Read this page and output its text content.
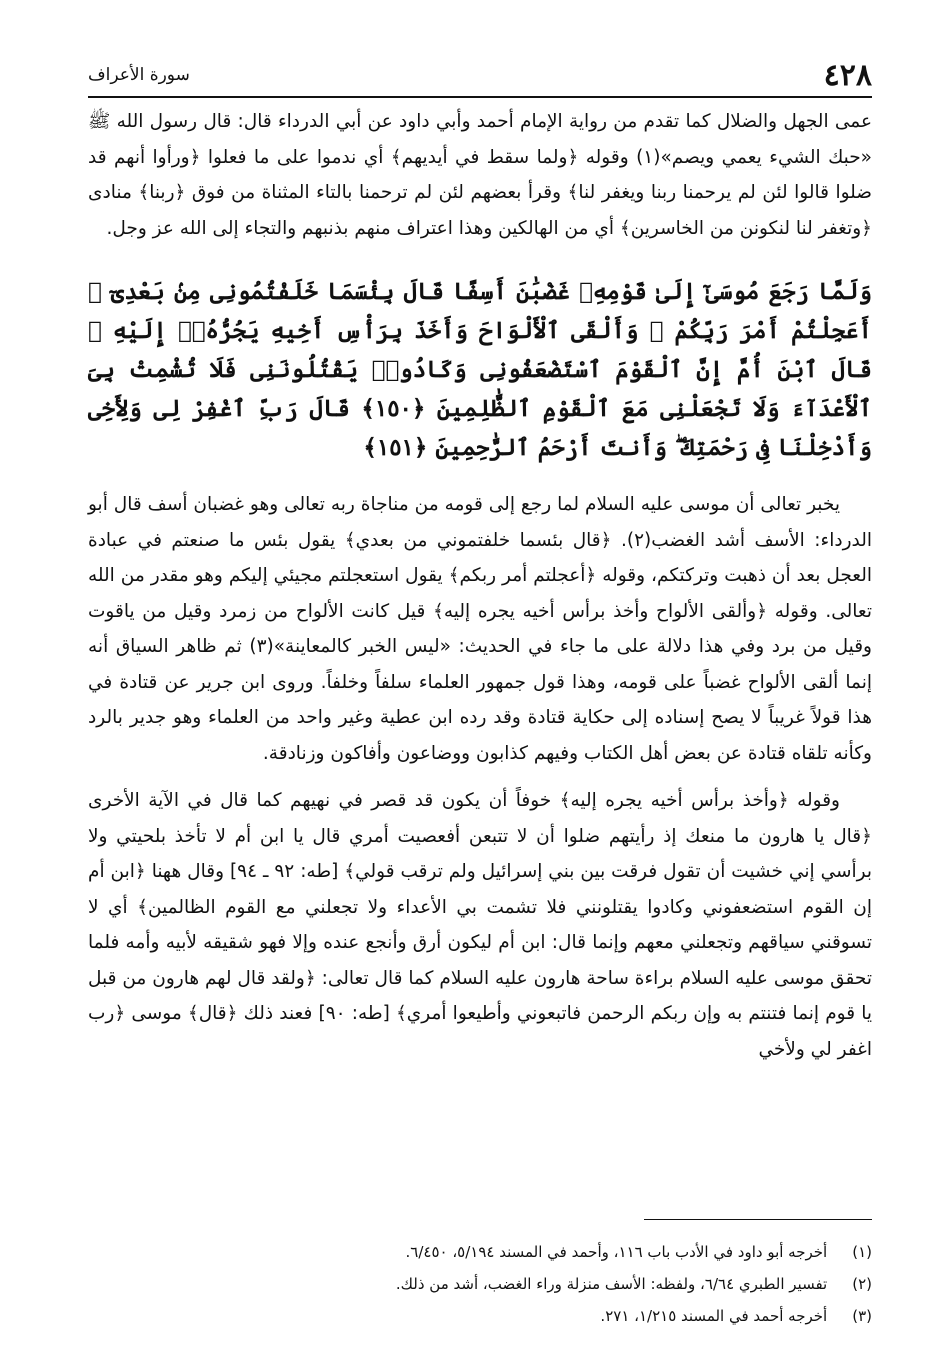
٤٢٨
سورة الأعراف

عمى الجهل والضلال كما تقدم من رواية الإمام أحمد وأبي داود عن أبي الدرداء قال: قال رسول الله ﷺ «حبك الشيء يعمي ويصم»(١) وقوله ﴿ولما سقط في أيديهم﴾ أي ندموا على ما فعلوا ﴿ورأوا أنهم قد ضلوا قالوا لئن لم يرحمنا ربنا ويغفر لنا﴾ وقرأ بعضهم لئن لم ترحمنا بالتاء المثناة من فوق ﴿ربنا﴾ منادى ﴿وتغفر لنا لنكونن من الخاسرين﴾ أي من الهالكين وهذا اعتراف منهم بذنبهم والتجاء إلى الله عز وجل.

وَلَمَّا رَجَعَ مُوسَىٰٓ إِلَىٰ قَوْمِهِۦ غَضْبَٰنَ أَسِفًا قَالَ بِئْسَمَا خَلَفْتُمُونِى مِنۢ بَعْدِىٓ ۖ أَعَجِلْتُمْ أَمْرَ رَبِّكُمْ ۖ وَأَلْقَى ٱلْأَلْوَاحَ وَأَخَذَ بِرَأْسِ أَخِيهِ يَجُرُّهُۥٓ إِلَيْهِ ۚ قَالَ ٱبْنَ أُمَّ إِنَّ ٱلْقَوْمَ ٱسْتَضْعَفُونِى وَكَادُوا۟ يَقْتُلُونَنِى فَلَا تُشْمِتْ بِىَ ٱلْأَعْدَآءَ وَلَا تَجْعَلْنِى مَعَ ٱلْقَوْمِ ٱلظَّٰلِمِينَ ﴿١٥٠﴾ قَالَ رَبِّ ٱغْفِرْ لِى وَلِأَخِى وَأَدْخِلْنَا فِى رَحْمَتِكَ ۖ وَأَنتَ أَرْحَمُ ٱلرَّٰحِمِينَ ﴿١٥١﴾

يخبر تعالى أن موسى عليه السلام لما رجع إلى قومه من مناجاة ربه تعالى وهو غضبان أسف قال أبو الدرداء: الأسف أشد الغضب(٢). ﴿قال بئسما خلفتموني من بعدي﴾ يقول بئس ما صنعتم في عبادة العجل بعد أن ذهبت وتركتكم، وقوله ﴿أعجلتم أمر ربكم﴾ يقول استعجلتم مجيئي إليكم وهو مقدر من الله تعالى. وقوله ﴿وألقى الألواح وأخذ برأس أخيه يجره إليه﴾ قيل كانت الألواح من زمرد وقيل من ياقوت وقيل من برد وفي هذا دلالة على ما جاء في الحديث: «ليس الخبر كالمعاينة»(٣) ثم ظاهر السياق أنه إنما ألقى الألواح غضباً على قومه، وهذا قول جمهور العلماء سلفاً وخلفاً. وروى ابن جرير عن قتادة في هذا قولاً غريباً لا يصح إسناده إلى حكاية قتادة وقد رده ابن عطية وغير واحد من العلماء وهو جدير بالرد وكأنه تلقاه قتادة عن بعض أهل الكتاب وفيهم كذابون ووضاعون وأفاكون وزنادقة.

وقوله ﴿وأخذ برأس أخيه يجره إليه﴾ خوفاً أن يكون قد قصر في نهيهم كما قال في الآية الأخرى ﴿قال يا هارون ما منعك إذ رأيتهم ضلوا أن لا تتبعن أفعصيت أمري قال يا ابن أم لا تأخذ بلحيتي ولا برأسي إني خشيت أن تقول فرقت بين بني إسرائيل ولم ترقب قولي﴾ [طه: ٩٢ ـ ٩٤] وقال ههنا ﴿ابن أم إن القوم استضعفوني وكادوا يقتلونني فلا تشمت بي الأعداء ولا تجعلني مع القوم الظالمين﴾ أي لا تسوقني سياقهم وتجعلني معهم وإنما قال: ابن أم ليكون أرق وأنجع عنده وإلا فهو شقيقه لأبيه وأمه فلما تحقق موسى عليه السلام براءة ساحة هارون عليه السلام كما قال تعالى: ﴿ولقد قال لهم هارون من قبل يا قوم إنما فتنتم به وإن ربكم الرحمن فاتبعوني وأطيعوا أمري﴾ [طه: ٩٠] فعند ذلك ﴿قال﴾ موسى ﴿رب اغفر لي ولأخي

(١) أخرجه أبو داود في الأدب باب ١١٦، وأحمد في المسند ٥/١٩٤، ٦/٤٥٠.
(٢) تفسير الطبري ٦/٦٤، ولفظه: الأسف منزلة وراء الغضب، أشد من ذلك.
(٣) أخرجه أحمد في المسند ١/٢١٥، ٢٧١.
